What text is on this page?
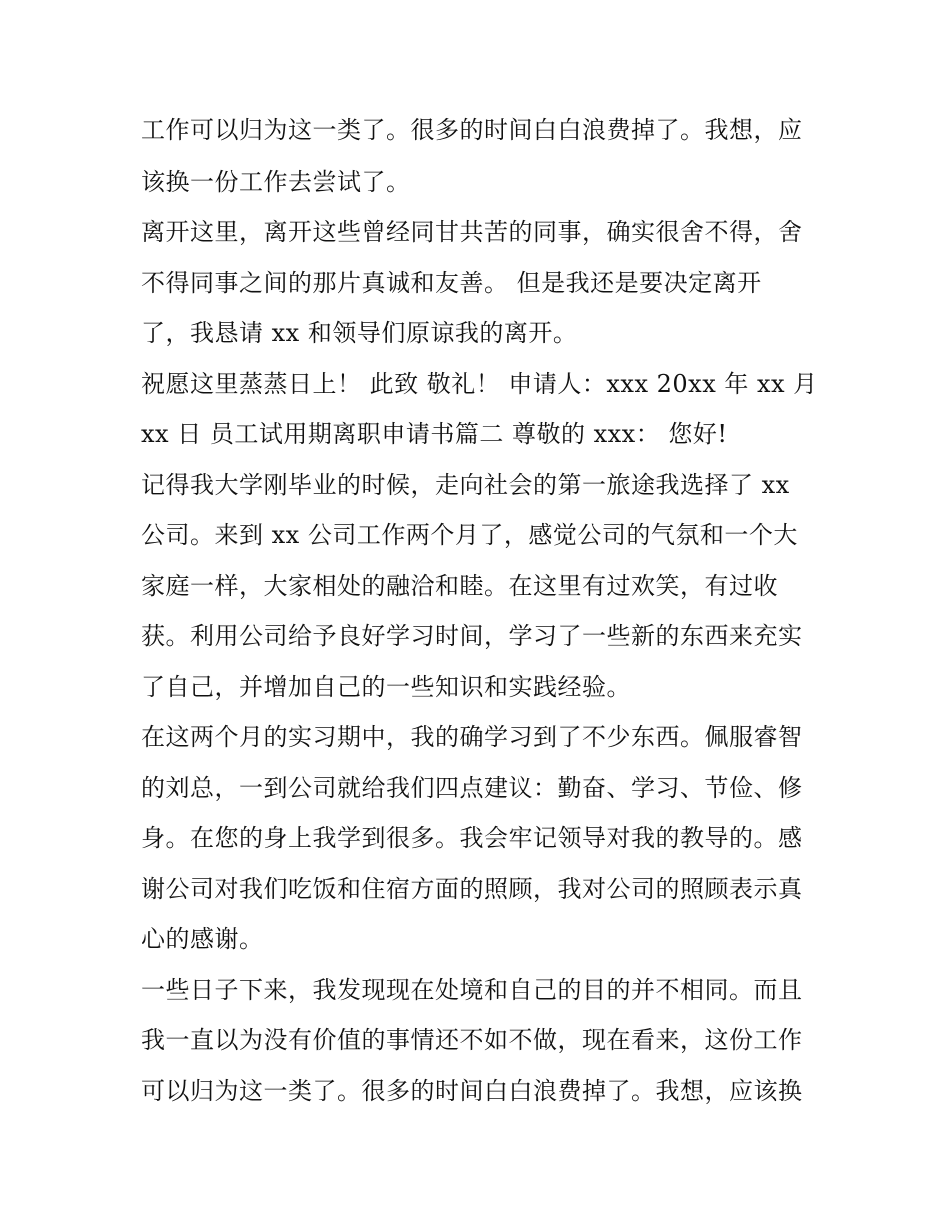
工作可以归为这一类了。很多的时间白白浪费掉了。我想，应
该换一份工作去尝试了。
离开这里，离开这些曾经同甘共苦的同事，确实很舍不得，舍
不得同事之间的那片真诚和友善。 但是我还是要决定离开
了，我恳请 xx 和领导们原谅我的离开。
祝愿这里蒸蒸日上！ 此致 敬礼！ 申请人：xxx 20xx 年 xx 月
xx 日 员工试用期离职申请书篇二 尊敬的 xxx： 您好!
记得我大学刚毕业的时候，走向社会的第一旅途我选择了 xx
公司。来到 xx 公司工作两个月了，感觉公司的气氛和一个大
家庭一样，大家相处的融洽和睦。在这里有过欢笑，有过收
获。利用公司给予良好学习时间，学习了一些新的东西来充实
了自己，并增加自己的一些知识和实践经验。
在这两个月的实习期中，我的确学习到了不少东西。佩服睿智
的刘总，一到公司就给我们四点建议：勤奋、学习、节俭、修
身。在您的身上我学到很多。我会牢记领导对我的教导的。感
谢公司对我们吃饭和住宿方面的照顾，我对公司的照顾表示真
心的感谢。
一些日子下来，我发现现在处境和自己的目的并不相同。而且
我一直以为没有价值的事情还不如不做，现在看来，这份工作
可以归为这一类了。很多的时间白白浪费掉了。我想，应该换
